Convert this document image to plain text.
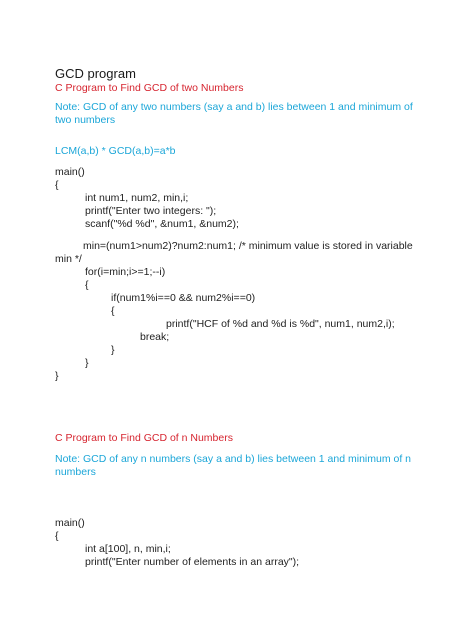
GCD program
C Program to Find GCD of two Numbers
Note: GCD of any two numbers (say a and b) lies between 1 and minimum of
two numbers
LCM(a,b) * GCD(a,b)=a*b
main()
{
int num1, num2, min,i;
printf("Enter two integers: ");
scanf("%d %d", &num1, &num2);
min=(num1>num2)?num2:num1; /* minimum value is stored in variable
min */
for(i=min;i>=1;--i)
{
if(num1%i==0 && num2%i==0)
{
printf("HCF of %d and %d is %d", num1, num2,i);
break;
}
}
}
C Program to Find GCD of n Numbers
Note: GCD of any n numbers (say a and b) lies between 1 and minimum of n
numbers
main()
{
int a[100], n, min,i;
printf("Enter number of elements in an array");
